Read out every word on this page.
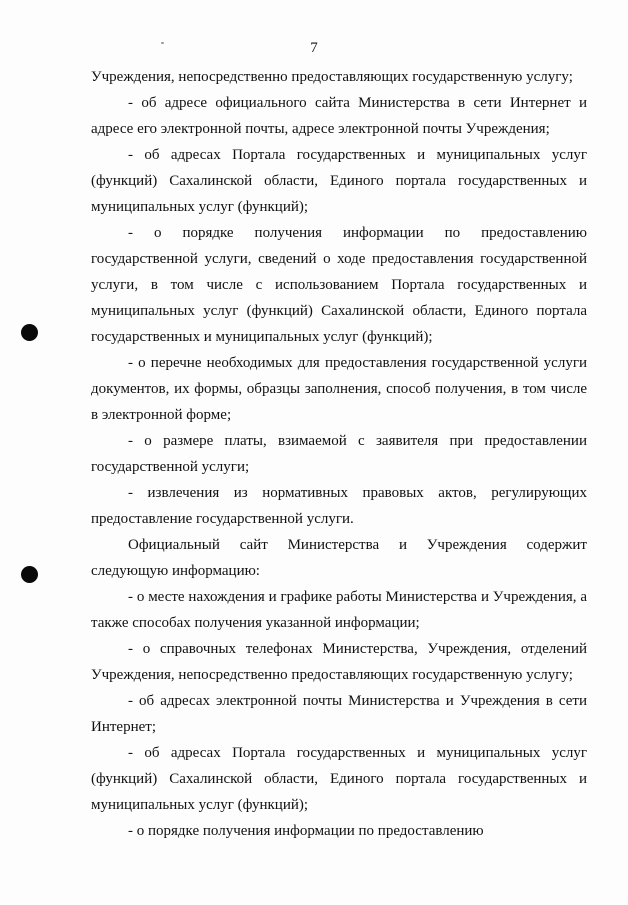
7

Учреждения, непосредственно предоставляющих государственную услугу;

- об адресе официального сайта Министерства в сети Интернет и адресе его электронной почты, адресе электронной почты Учреждения;

- об адресах Портала государственных и муниципальных услуг (функций) Сахалинской области, Единого портала государственных и муниципальных услуг (функций);

- о порядке получения информации по предоставлению государственной услуги, сведений о ходе предоставления государственной услуги, в том числе с использованием Портала государственных и муниципальных услуг (функций) Сахалинской области, Единого портала государственных и муниципальных услуг (функций);

- о перечне необходимых для предоставления государственной услуги документов, их формы, образцы заполнения, способ получения, в том числе в электронной форме;

- о размере платы, взимаемой с заявителя при предоставлении государственной услуги;

- извлечения из нормативных правовых актов, регулирующих предоставление государственной услуги.

Официальный сайт Министерства и Учреждения содержит следующую информацию:

- о месте нахождения и графике работы Министерства и Учреждения, а также способах получения указанной информации;

- о справочных телефонах Министерства, Учреждения, отделений Учреждения, непосредственно предоставляющих государственную услугу;

- об адресах электронной почты Министерства и Учреждения в сети Интернет;

- об адресах Портала государственных и муниципальных услуг (функций) Сахалинской области, Единого портала государственных и муниципальных услуг (функций);

- о порядке получения информации по предоставлению
